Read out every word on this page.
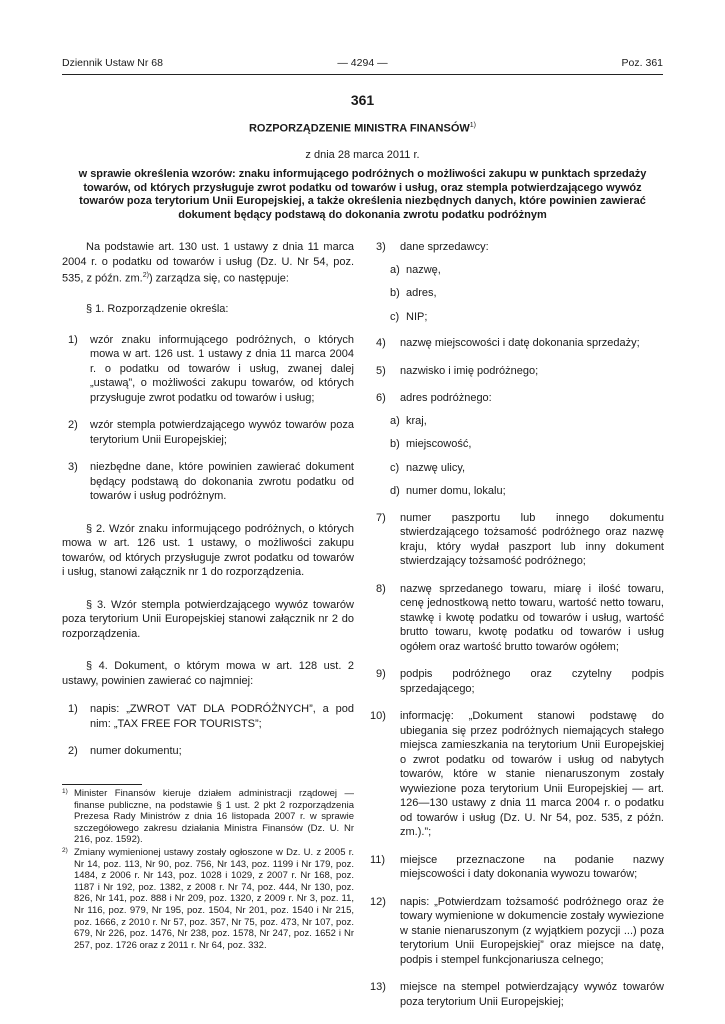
Dziennik Ustaw Nr 68	— 4294 —	Poz. 361
361
ROZPORZĄDZENIE MINISTRA FINANSÓW$^{1)}$
z dnia 28 marca 2011 r.
w sprawie określenia wzorów: znaku informującego podróżnych o możliwości zakupu w punktach sprzedaży towarów, od których przysługuje zwrot podatku od towarów i usług, oraz stempla potwierdzającego wywóz towarów poza terytorium Unii Europejskiej, a także określenia niezbędnych danych, które powinien zawierać dokument będący podstawą do dokonania zwrotu podatku podróżnym

Na podstawie art. 130 ust. 1 ustawy z dnia 11 marca 2004 r. o podatku od towarów i usług (Dz. U. Nr 54, poz. 535, z późn. zm.$^{2)}$) zarządza się, co następuje:

§ 1. Rozporządzenie określa:

1) wzór znaku informującego podróżnych, o których mowa w art. 126 ust. 1 ustawy z dnia 11 marca 2004 r. o podatku od towarów i usług, zwanej dalej „ustawą”, o możliwości zakupu towarów, od których przysługuje zwrot podatku od towarów i usług;
2) wzór stempla potwierdzającego wywóz towarów poza terytorium Unii Europejskiej;
3) niezbędne dane, które powinien zawierać dokument będący podstawą do dokonania zwrotu podatku od towarów i usług podróżnym.

§ 2. Wzór znaku informującego podróżnych, o których mowa w art. 126 ust. 1 ustawy, o możliwości zakupu towarów, od których przysługuje zwrot podatku od towarów i usług, stanowi załącznik nr 1 do rozporządzenia.

§ 3. Wzór stempla potwierdzającego wywóz towarów poza terytorium Unii Europejskiej stanowi załącznik nr 2 do rozporządzenia.

§ 4. Dokument, o którym mowa w art. 128 ust. 2 ustawy, powinien zawierać co najmniej:

1) napis: „ZWROT VAT DLA PODRÓŻNYCH”, a pod nim: „TAX FREE FOR TOURISTS”;
2) numer dokumentu;
1) Minister Finansów kieruje działem administracji rządowej — finanse publiczne, na podstawie § 1 ust. 2 pkt 2 rozporządzenia Prezesa Rady Ministrów z dnia 16 listopada 2007 r. w sprawie szczegółowego zakresu działania Ministra Finansów (Dz. U. Nr 216, poz. 1592).
2) Zmiany wymienionej ustawy zostały ogłoszone w Dz. U. z 2005 r. Nr 14, poz. 113, Nr 90, poz. 756, Nr 143, poz. 1199 i Nr 179, poz. 1484, z 2006 r. Nr 143, poz. 1028 i 1029, z 2007 r. Nr 168, poz. 1187 i Nr 192, poz. 1382, z 2008 r. Nr 74, poz. 444, Nr 130, poz. 826, Nr 141, poz. 888 i Nr 209, poz. 1320, z 2009 r. Nr 3, poz. 11, Nr 116, poz. 979, Nr 195, poz. 1504, Nr 201, poz. 1540 i Nr 215, poz. 1666, z 2010 r. Nr 57, poz. 357, Nr 75, poz. 473, Nr 107, poz. 679, Nr 226, poz. 1476, Nr 238, poz. 1578, Nr 247, poz. 1652 i Nr 257, poz. 1726 oraz z 2011 r. Nr 64, poz. 332.
3) dane sprzedawcy:
a) nazwę,
b) adres,
c) NIP;
4) nazwę miejscowości i datę dokonania sprzedaży;
5) nazwisko i imię podróżnego;
6) adres podróżnego:
a) kraj,
b) miejscowość,
c) nazwę ulicy,
d) numer domu, lokalu;
7) numer paszportu lub innego dokumentu stwierdzającego tożsamość podróżnego oraz nazwę kraju, który wydał paszport lub inny dokument stwierdzający tożsamość podróżnego;
8) nazwę sprzedanego towaru, miarę i ilość towaru, cenę jednostkową netto towaru, wartość netto towaru, stawkę i kwotę podatku od towarów i usług, wartość brutto towaru, kwotę podatku od towarów i usług ogółem oraz wartość brutto towarów ogółem;
9) podpis podróżnego oraz czytelny podpis sprzedającego;
10) informację: „Dokument stanowi podstawę do ubiegania się przez podróżnych niemających stałego miejsca zamieszkania na terytorium Unii Europejskiej o zwrot podatku od towarów i usług od nabytych towarów, które w stanie nienaruszonym zostały wywiezione poza terytorium Unii Europejskiej — art. 126—130 ustawy z dnia 11 marca 2004 r. o podatku od towarów i usług (Dz. U. Nr 54, poz. 535, z późn. zm.).”;
11) miejsce przeznaczone na podanie nazwy miejscowości i daty dokonania wywozu towarów;
12) napis: „Potwierdzam tożsamość podróżnego oraz że towary wymienione w dokumencie zostały wywiezione w stanie nienaruszonym (z wyjątkiem pozycji ...) poza terytorium Unii Europejskiej” oraz miejsce na datę, podpis i stempel funkcjonariusza celnego;
13) miejsce na stempel potwierdzający wywóz towarów poza terytorium Unii Europejskiej;
